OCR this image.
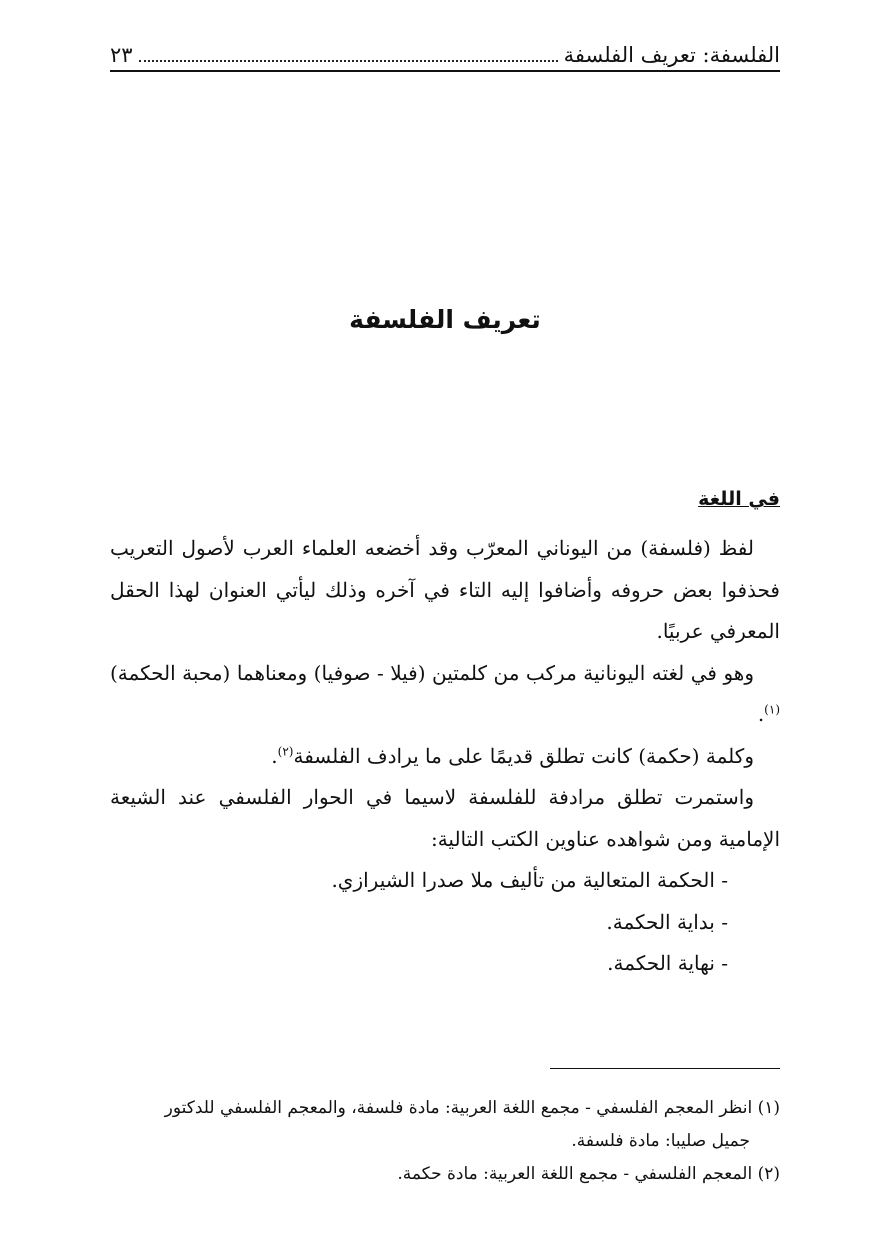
الفلسفة: تعريف الفلسفة
٢٣
تعريف الفلسفة
في اللغة

لفظ (فلسفة) من اليوناني المعرّب وقد أخضعه العلماء العرب لأصول التعريب فحذفوا بعض حروفه وأضافوا إليه التاء في آخره وذلك ليأتي العنوان لهذا الحقل المعرفي عربيًا.

وهو في لغته اليونانية مركب من كلمتين (فيلا - صوفيا) ومعناهما (محبة الحكمة)$^{(١)}$.

وكلمة (حكمة) كانت تطلق قديمًا على ما يرادف الفلسفة$^{(٢)}$.

واستمرت تطلق مرادفة للفلسفة لاسيما في الحوار الفلسفي عند الشيعة الإمامية ومن شواهده عناوين الكتب التالية:

- الحكمة المتعالية من تأليف ملا صدرا الشيرازي.

- بداية الحكمة.

- نهاية الحكمة.

(١) انظر المعجم الفلسفي - مجمع اللغة العربية: مادة فلسفة، والمعجم الفلسفي للدكتور

جميل صليبا: مادة فلسفة.

(٢) المعجم الفلسفي - مجمع اللغة العربية: مادة حكمة.
